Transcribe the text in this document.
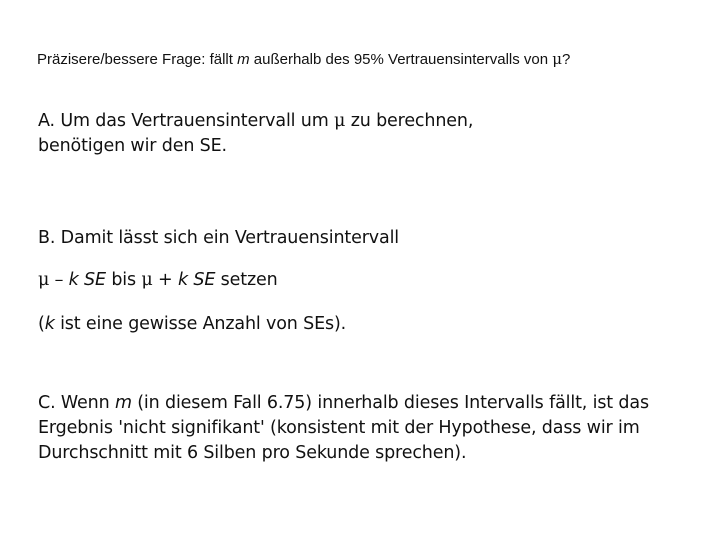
Präzisere/bessere Frage: fällt m außerhalb des 95% Vertrauensintervalls von μ?
A. Um das Vertrauensintervall um μ zu berechnen,
benötigen wir den SE.
B. Damit lässt sich ein Vertrauensintervall
μ – k SE bis μ + k SE setzen
(k ist eine gewisse Anzahl von SEs).
C. Wenn m (in diesem Fall 6.75) innerhalb dieses Intervalls fällt, ist das Ergebnis 'nicht signifikant' (konsistent mit der Hypothese, dass wir im Durchschnitt mit 6 Silben pro Sekunde sprechen).
